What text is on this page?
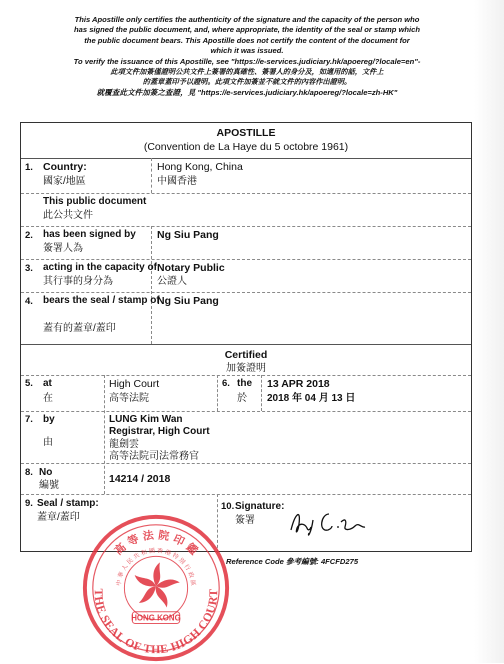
This Apostille only certifies the authenticity of the signature and the capacity of the person who
has signed the public document, and, where appropriate, the identity of the seal or stamp which
the public document bears. This Apostille does not certify the content of the document for
which it was issued.
To verify the issuance of this Apostille, see "https://e-services.judiciary.hk/apoereg/?locale=en"-
此項文件加簽僅證明公共文件上簽署的真確性、簽署人的身分及，如適用的話，文件上
的蓋章蓋印予以證明。此項文件加簽並不就文件的內容作出證明。
就覆查此文件加簽之查證，見 "https://e-services.judiciary.hk/apoereg/?locale=zh-HK"
APOSTILLE
(Convention de La Haye du 5 octobre 1961)
1. Country:
國家/地區
Hong Kong, China
中國香港
This public document
此公共文件
2. has been signed by
簽署人為
Ng Siu Pang
3. acting in the capacity of
其行事的身分為
Notary Public
公證人
4. bears the seal / stamp of
蓋有的蓋章/蓋印
Ng Siu Pang
Certified
加簽證明
5. at
在
High Court
高等法院
6. the
於
13 APR 2018
2018 年 04 月 13 日
7. by
由
LUNG Kim Wan
Registrar, High Court
龍劍雲
高等法院司法常務官
8. No
編號
14214 / 2018
9. Seal / stamp:
蓋章/蓋印
10. Signature:
簽署
高 等 法 院 印 鑑
中 華 人 民 共 和 國 香 港 特 別 行 政 區
THE SEAL OF THE HIGH COURT
HONG KONG
Reference Code 參考編號: 4FCFD275
